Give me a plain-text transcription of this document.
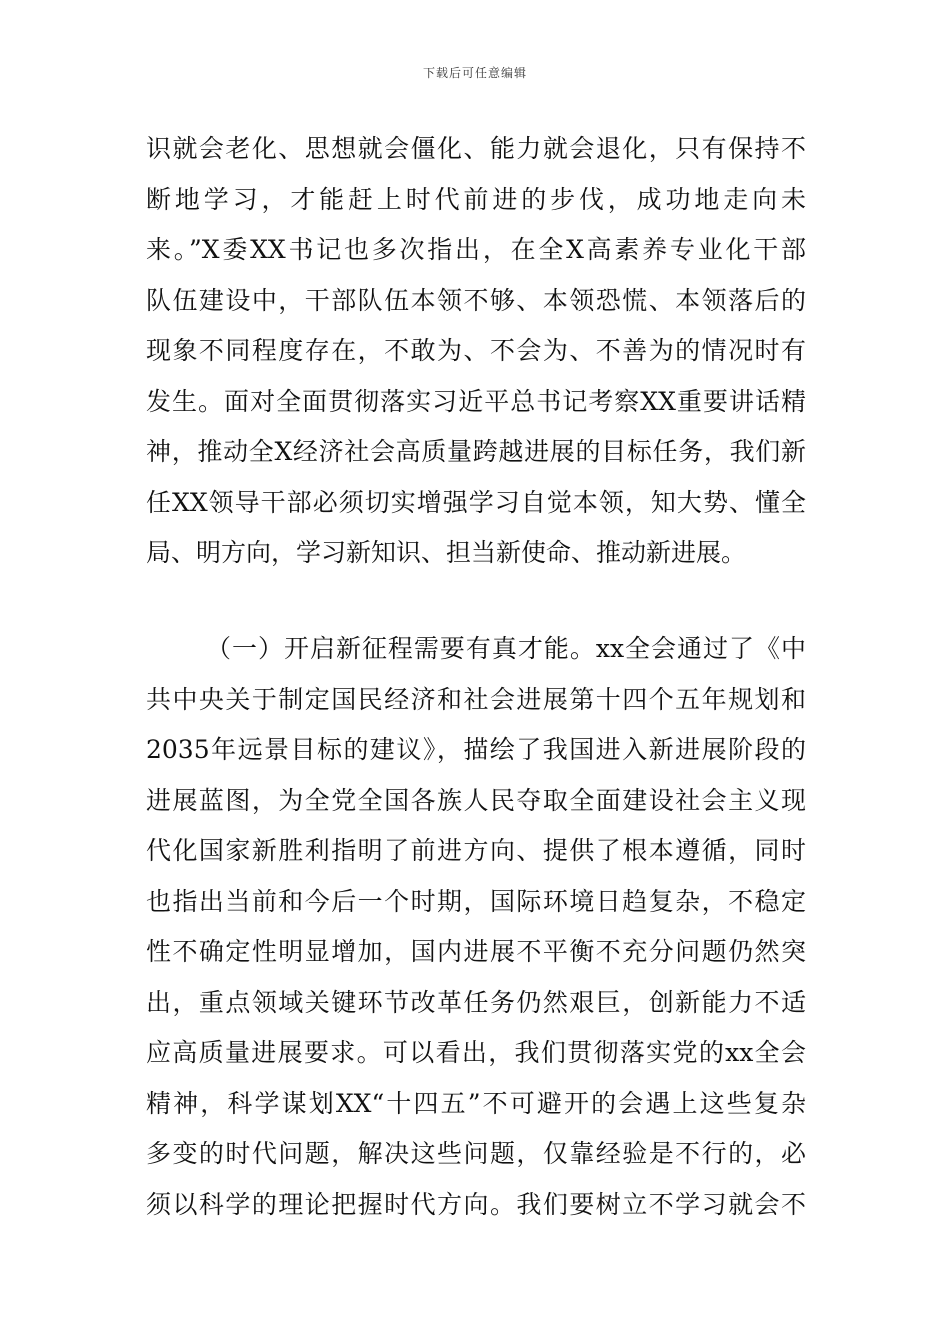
下载后可任意编辑
识就会老化、思想就会僵化、能力就会退化，只有保持不
断地学习，才能赶上时代前进的步伐，成功地走向未
来。”X委XX书记也多次指出，在全X高素养专业化干部
队伍建设中，干部队伍本领不够、本领恐慌、本领落后的
现象不同程度存在，不敢为、不会为、不善为的情况时有
发生。面对全面贯彻落实习近平总书记考察XX重要讲话精
神，推动全X经济社会高质量跨越进展的目标任务，我们新
任XX领导干部必须切实增强学习自觉本领，知大势、懂全
局、明方向，学习新知识、担当新使命、推动新进展。
（一）开启新征程需要有真才能。xx全会通过了《中
共中央关于制定国民经济和社会进展第十四个五年规划和
2035年远景目标的建议》，描绘了我国进入新进展阶段的
进展蓝图，为全党全国各族人民夺取全面建设社会主义现
代化国家新胜利指明了前进方向、提供了根本遵循，同时
也指出当前和今后一个时期，国际环境日趋复杂，不稳定
性不确定性明显增加，国内进展不平衡不充分问题仍然突
出，重点领域关键环节改革任务仍然艰巨，创新能力不适
应高质量进展要求。可以看出，我们贯彻落实党的xx全会
精神，科学谋划XX“十四五”不可避开的会遇上这些复杂
多变的时代问题，解决这些问题，仅靠经验是不行的，必
须以科学的理论把握时代方向。我们要树立不学习就会不
